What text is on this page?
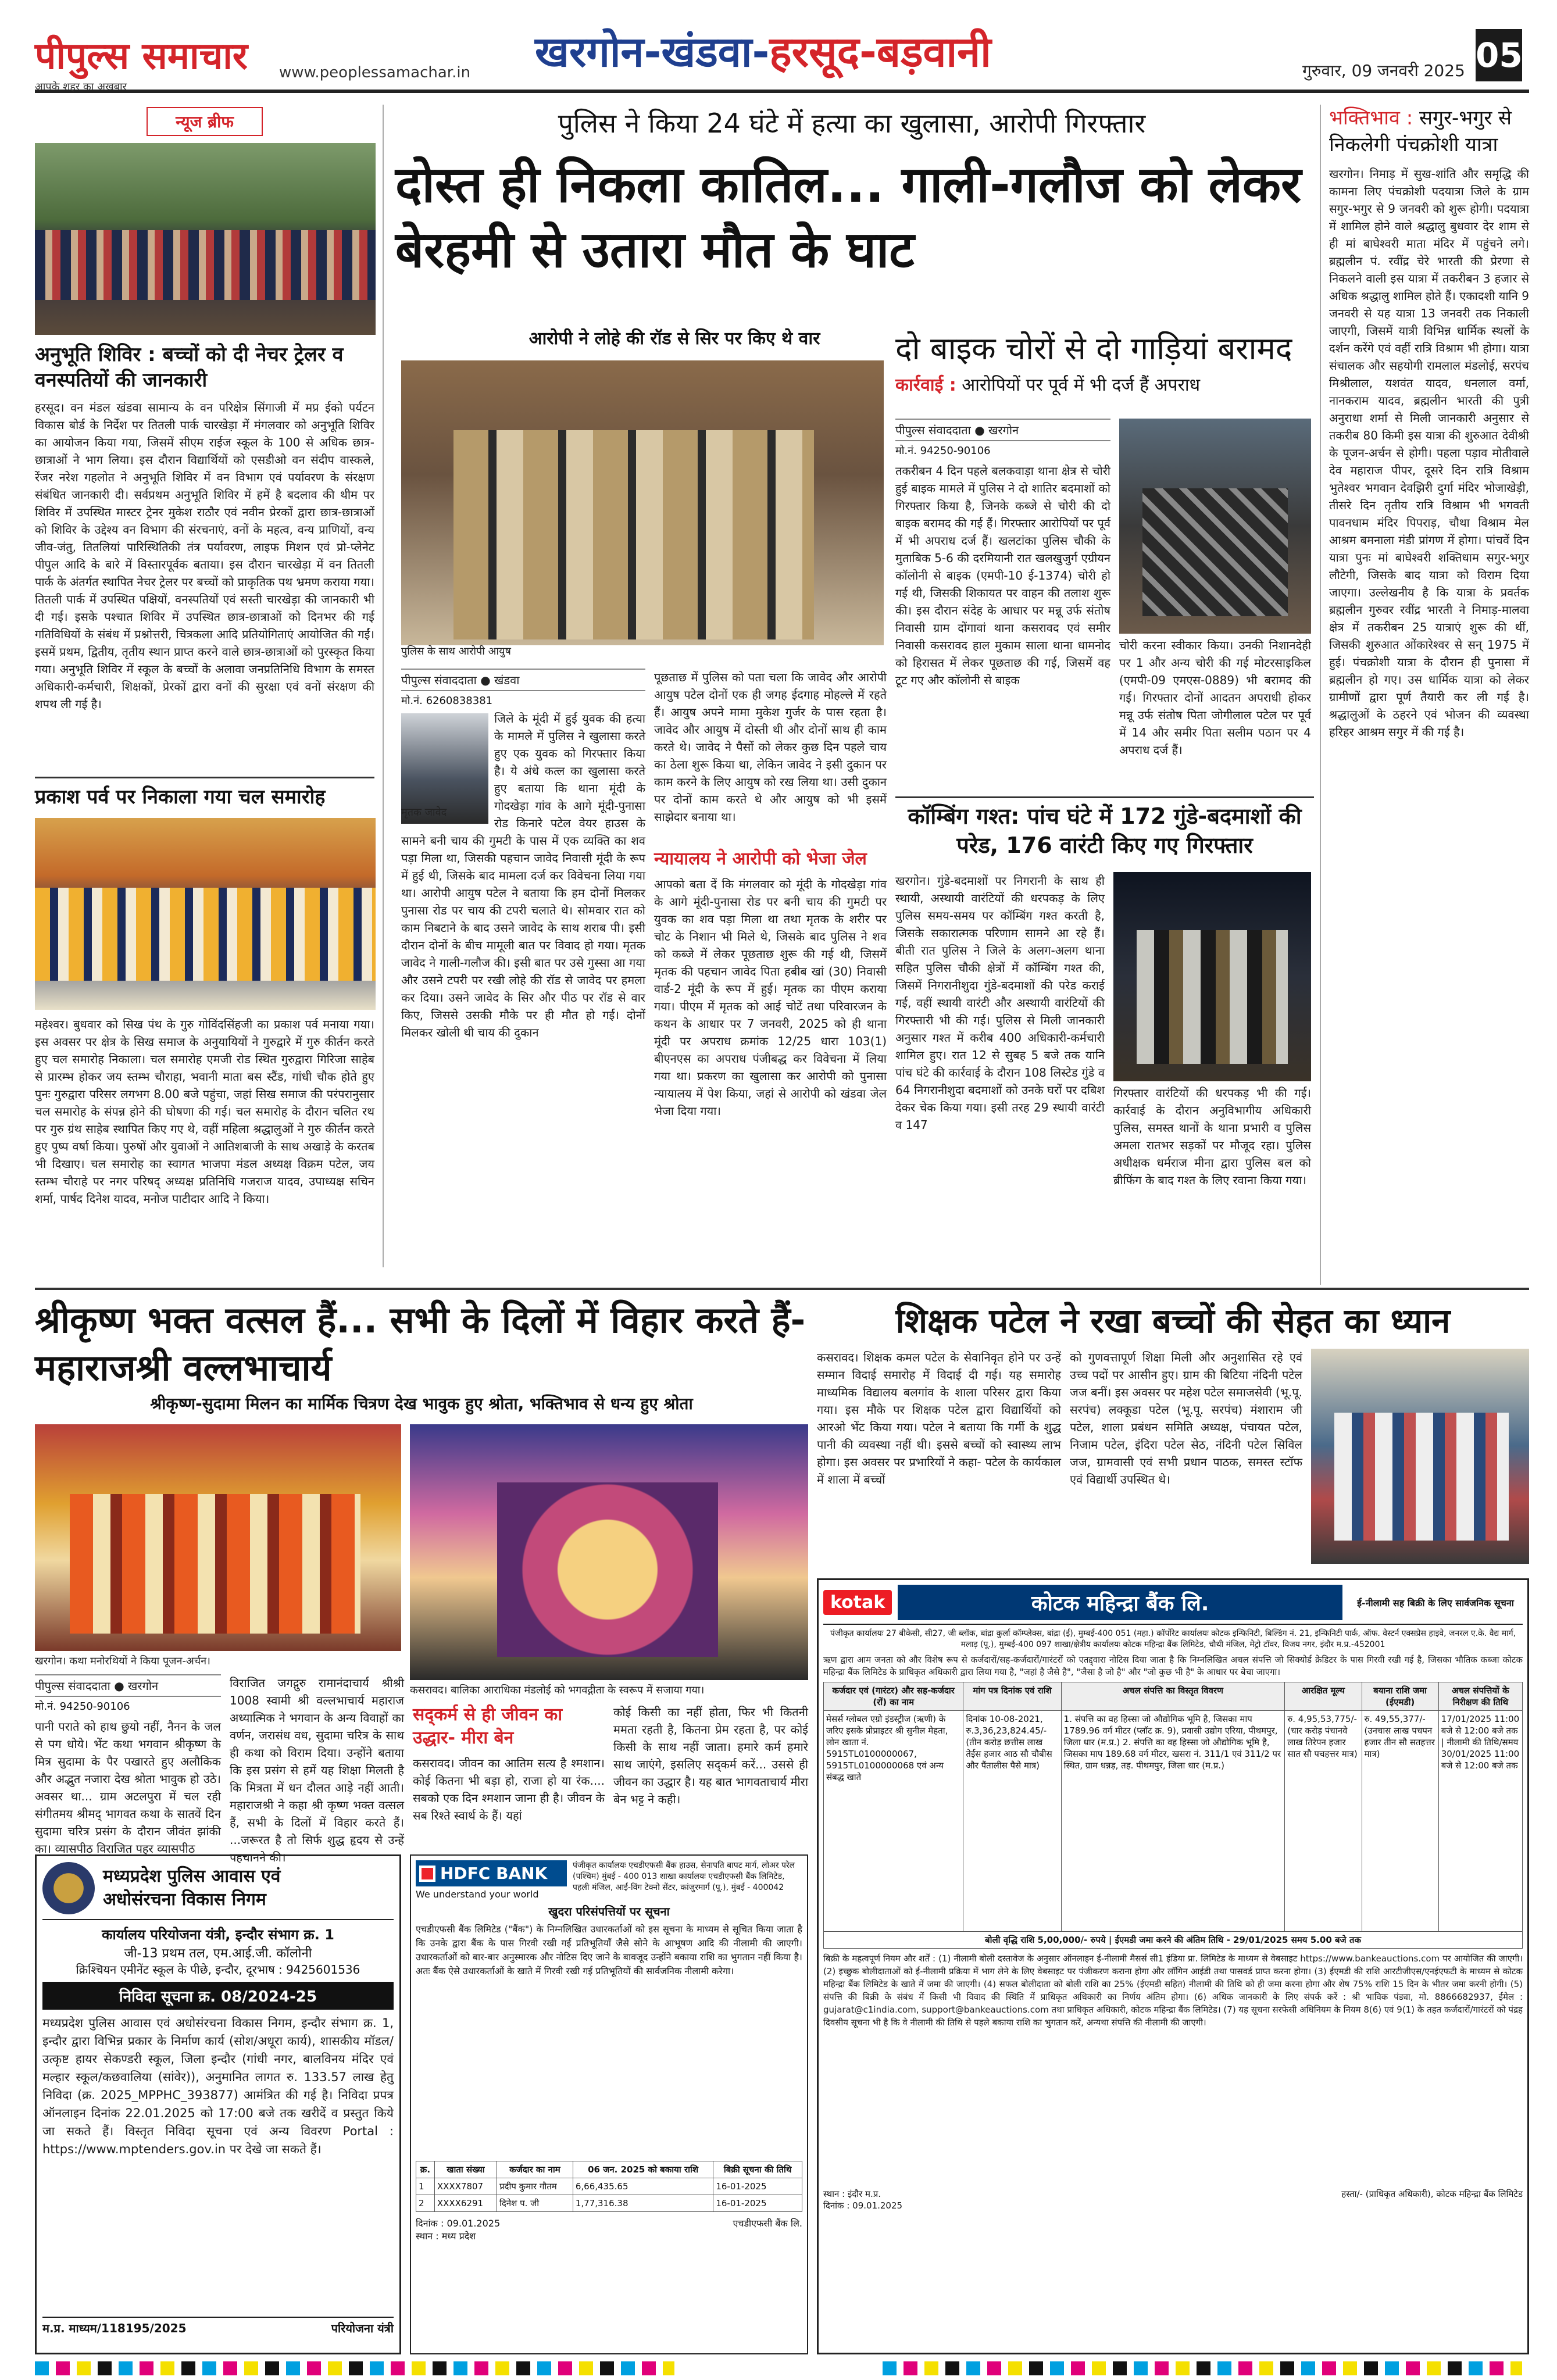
पीपुल्स समाचार
आपके शहर का अखबार
www.peoplessamachar.in खरगोन-खंडवा-हरसूद-बड़वानी	गुरुवार, 09 जनवरी 2025 05
न्यूज ब्रीफ
अनुभूति शिविर : बच्चों को दी नेचर ट्रेलर व वनस्पतियों की जानकारी
हरसूद। वन मंडल खंडवा सामान्य के वन परिक्षेत्र सिंगाजी में मप्र ईको पर्यटन विकास बोर्ड के निर्देश पर तितली पार्क चारखेड़ा में मंगलवार को अनुभूति शिविर का आयोजन किया गया, जिसमें सीएम राईज स्कूल के 100 से अधिक छात्र-छात्राओं ने भाग लिया। इस दौरान विद्यार्थियों को एसडीओ वन संदीप वास्कले, रेंजर नरेश गहलोत ने अनुभूति शिविर में वन विभाग एवं पर्यावरण के संरक्षण संबंधित जानकारी दी। सर्वप्रथम अनुभूति शिविर में हमें है बदलाव की थीम पर शिविर में उपस्थित मास्टर ट्रेनर मुकेश राठौर एवं नवीन प्रेरकों द्वारा छात्र-छात्राओं को शिविर के उद्देश्य वन विभाग की संरचनाएं, वनों के महत्व, वन्य प्राणियों, वन्य जीव-जंतु, तितलियां पारिस्थितिकी तंत्र पर्यावरण, लाइफ मिशन एवं प्रो-प्लेनेट पीपुल आदि के बारे में विस्तारपूर्वक बताया। इस दौरान चारखेड़ा में वन तितली पार्क के अंतर्गत स्थापित नेचर ट्रेलर पर बच्चों को प्राकृतिक पथ भ्रमण कराया गया। तितली पार्क में उपस्थित पक्षियों, वनस्पतियों एवं सस्ती चारखेड़ा की जानकारी भी दी गई। इसके पश्चात शिविर में उपस्थित छात्र-छात्राओं को दिनभर की गई गतिविधियों के संबंध में प्रश्नोत्तरी, चित्रकला आदि प्रतियोगिताएं आयोजित की गईं। इसमें प्रथम, द्वितीय, तृतीय स्थान प्राप्त करने वाले छात्र-छात्राओं को पुरस्कृत किया गया। अनुभूति शिविर में स्कूल के बच्चों के अलावा जनप्रतिनिधि विभाग के समस्त अधिकारी-कर्मचारी, शिक्षकों, प्रेरकों द्वारा वनों की सुरक्षा एवं वनों संरक्षण की शपथ ली गई है।
प्रकाश पर्व पर निकाला गया चल समारोह
महेश्वर। बुधवार को सिख पंथ के गुरु गोविंदसिंहजी का प्रकाश पर्व मनाया गया। इस अवसर पर क्षेत्र के सिख समाज के अनुयायियों ने गुरुद्वारे में गुरु कीर्तन करते हुए चल समारोह निकाला। चल समारोह एमजी रोड स्थित गुरुद्वारा गिरिजा साहेब से प्रारम्भ होकर जय स्तम्भ चौराहा, भवानी माता बस स्टैंड, गांधी चौक होते हुए पुनः गुरुद्वारा परिसर लगभग 8.00 बजे पहुंचा, जहां सिख समाज की परंपरानुसार चल समारोह के संपन्न होने की घोषणा की गई। चल समारोह के दौरान चलित रथ पर गुरु ग्रंथ साहेब स्थापित किए गए थे, वहीं महिला श्रद्धालुओं ने गुरु कीर्तन करते हुए पुष्प वर्षा किया। पुरुषों और युवाओं ने आतिशबाजी के साथ अखाड़े के करतब भी दिखाए। चल समारोह का स्वागत भाजपा मंडल अध्यक्ष विक्रम पटेल, जय स्तम्भ चौराहे पर नगर परिषद् अध्यक्ष प्रतिनिधि गजराज यादव, उपाध्यक्ष सचिन शर्मा, पार्षद दिनेश यादव, मनोज पाटीदार आदि ने किया।
पुलिस ने किया 24 घंटे में हत्या का खुलासा, आरोपी गिरफ्तार
दोस्त ही निकला कातिल... गाली-गलौज को लेकर बेरहमी से उतारा मौत के घाट
आरोपी ने लोहे की रॉड से सिर पर किए थे वार
पुलिस के साथ आरोपी आयुष
पीपुल्स संवाददाता ● खंडवा
मो.नं. 6260838381
जिले के मूंदी में हुई युवक की हत्या के मामले में पुलिस ने खुलासा करते हुए एक युवक को गिरफ्तार किया है। ये अंधे कत्ल का खुलासा करते हुए बताया कि थाना मूंदी के गोदखेड़ा गांव के आगे मूंदी-पुनासा रोड किनारे पटेल वेयर हाउस के सामने बनी चाय की गुमटी के पास में एक व्यक्ति का शव पड़ा मिला था, जिसकी पहचान जावेद निवासी मूंदी के रूप में हुई थी, जिसके बाद मामला दर्ज कर विवेचना लिया गया था। आरोपी आयुष पटेल ने बताया कि हम दोनों मिलकर पुनासा रोड पर चाय की टपरी चलाते थे। सोमवार रात को काम निबटाने के बाद उसने जावेद के साथ शराब पी। इसी दौरान दोनों के बीच मामूली बात पर विवाद हो गया। मृतक जावेद ने गाली-गलौज की। इसी बात पर उसे गुस्सा आ गया और उसने टपरी पर रखी लोहे की रॉड से जावेद पर हमला कर दिया। उसने जावेद के सिर और पीठ पर रॉड से वार किए, जिससे उसकी मौके पर ही मौत हो गई। दोनों मिलकर खोली थी चाय की दुकान
मृतक जावेद
पूछताछ में पुलिस को पता चला कि जावेद और आरोपी आयुष पटेल दोनों एक ही जगह ईदगाह मोहल्ले में रहते हैं। आयुष अपने मामा मुकेश गुर्जर के पास रहता है। जावेद और आयुष में दोस्ती थी और दोनों साथ ही काम करते थे। जावेद ने पैसों को लेकर कुछ दिन पहले चाय का ठेला शुरू किया था, लेकिन जावेद ने इसी दुकान पर काम करने के लिए आयुष को रख लिया था। उसी दुकान पर दोनों काम करते थे और आयुष को भी इसमें साझेदार बनाया था।
न्यायालय ने आरोपी को भेजा जेल
आपको बता दें कि मंगलवार को मूंदी के गोदखेड़ा गांव के आगे मूंदी-पुनासा रोड पर बनी चाय की गुमटी पर युवक का शव पड़ा मिला था तथा मृतक के शरीर पर चोट के निशान भी मिले थे, जिसके बाद पुलिस ने शव को कब्जे में लेकर पूछताछ शुरू की गई थी, जिसमें मृतक की पहचान जावेद पिता हबीब खां (30) निवासी वार्ड-2 मूंदी के रूप में हुई। मृतक का पीएम कराया गया। पीएम में मृतक को आई चोटें तथा परिवारजन के कथन के आधार पर 7 जनवरी, 2025 को ही थाना मूंदी पर अपराध क्रमांक 12/25 धारा 103(1) बीएनएस का अपराध पंजीबद्ध कर विवेचना में लिया गया था। प्रकरण का खुलासा कर आरोपी को पुनासा न्यायालय में पेश किया, जहां से आरोपी को खंडवा जेल भेजा दिया गया।
दो बाइक चोरों से दो गाड़ियां बरामद
कार्रवाई : आरोपियों पर पूर्व में भी दर्ज हैं अपराध
पीपुल्स संवाददाता ● खरगोन
मो.नं. 94250-90106
तकरीबन 4 दिन पहले बलकवाड़ा थाना क्षेत्र से चोरी हुई बाइक मामले में पुलिस ने दो शातिर बदमाशों को गिरफ्तार किया है, जिनके कब्जे से चोरी की दो बाइक बरामद की गई हैं। गिरफ्तार आरोपियों पर पूर्व में भी अपराध दर्ज हैं। खलटांका पुलिस चौकी के मुताबिक 5-6 की दरमियानी रात खलखुजुर्ग एग्रीयन कॉलोनी से बाइक (एमपी-10 ई-1374) चोरी हो गई थी, जिसकी शिकायत पर वाहन की तलाश शुरू की। इस दौरान संदेह के आधार पर मन्नू उर्फ संतोष निवासी ग्राम दोंगावां थाना कसरावद एवं समीर निवासी कसरावद हाल मुकाम साला थाना धामनोद को हिरासत में लेकर पूछताछ की गई, जिसमें वह टूट गए और कॉलोनी से बाइक
चोरी करना स्वीकार किया। उनकी निशानदेही पर 1 और अन्य चोरी की गई मोटरसाइकिल (एमपी-09 एमएस-0889) भी बरामद की गई। गिरफ्तार दोनों आदतन अपराधी होकर मन्नू उर्फ संतोष पिता जोगीलाल पटेल पर पूर्व में 14 और समीर पिता सलीम पठान पर 4 अपराध दर्ज हैं।
कॉम्बिंग गश्त: पांच घंटे में 172 गुंडे-बदमाशों की परेड, 176 वारंटी किए गए गिरफ्तार
खरगोन। गुंडे-बदमाशों पर निगरानी के साथ ही स्थायी, अस्थायी वारंटियों की धरपकड़ के लिए पुलिस समय-समय पर कॉम्बिंग गश्त करती है, जिसके सकारात्मक परिणाम सामने आ रहे हैं। बीती रात पुलिस ने जिले के अलग-अलग थाना सहित पुलिस चौकी क्षेत्रों में कॉम्बिंग गश्त की, जिसमें निगरानीशुदा गुंडे-बदमाशों की परेड कराई गई, वहीं स्थायी वारंटी और अस्थायी वारंटियों की गिरफ्तारी भी की गई। पुलिस से मिली जानकारी अनुसार गश्त में करीब 400 अधिकारी-कर्मचारी शामिल हुए। रात 12 से सुबह 5 बजे तक यानि पांच घंटे की कार्रवाई के दौरान 108 लिस्टेड गुंडे व 64 निगरानीशुदा बदमाशों को उनके घरों पर दबिश देकर चेक किया गया। इसी तरह 29 स्थायी वारंटी व 147
गिरफ्तार वारंटियों की धरपकड़ भी की गई। कार्रवाई के दौरान अनुविभागीय अधिकारी पुलिस, समस्त थानों के थाना प्रभारी व पुलिस अमला रातभर सड़कों पर मौजूद रहा। पुलिस अधीक्षक धर्मराज मीना द्वारा पुलिस बल को ब्रीफिंग के बाद गश्त के लिए रवाना किया गया।
भक्तिभाव : सगुर-भगुर से निकलेगी पंचक्रोशी यात्रा
खरगोन। निमाड़ में सुख-शांति और समृद्धि की कामना लिए पंचक्रोशी पदयात्रा जिले के ग्राम सगुर-भगुर से 9 जनवरी को शुरू होगी। पदयात्रा में शामिल होने वाले श्रद्धालु बुधवार देर शाम से ही मां बाघेश्वरी माता मंदिर में पहुंचने लगे। ब्रह्मलीन पं. रवींद्र चेरे भारती की प्रेरणा से निकलने वाली इस यात्रा में तकरीबन 3 हजार से अधिक श्रद्धालु शामिल होते हैं। एकादशी यानि 9 जनवरी से यह यात्रा 13 जनवरी तक निकाली जाएगी, जिसमें यात्री विभिन्न धार्मिक स्थलों के दर्शन करेंगे एवं वहीं रात्रि विश्राम भी होगा। यात्रा संचालक और सहयोगी रामलाल मंडलोई, सरपंच मिश्रीलाल, यशवंत यादव, धनलाल वर्मा, नानकराम यादव, ब्रह्मलीन भारती की पुत्री अनुराधा शर्मा से मिली जानकारी अनुसार से तकरीब 80 किमी इस यात्रा की शुरुआत देवीश्री के पूजन-अर्चन से होगी। पहला पड़ाव मोतीवाले देव महाराज पीपर, दूसरे दिन रात्रि विश्राम भुतेश्वर भगवान देवझिरी दुर्गा मंदिर भोजाखेड़ी, तीसरे दिन तृतीय रात्रि विश्राम भी भगवती पावनधाम मंदिर पिपराड़, चौथा विश्राम मेल आश्रम बमनाला मंडी प्रांगण में होगा। पांचवें दिन यात्रा पुनः मां बाघेश्वरी शक्तिधाम सगुर-भगुर लौटेगी, जिसके बाद यात्रा को विराम दिया जाएगा। उल्लेखनीय है कि यात्रा के प्रवर्तक ब्रह्मलीन गुरुवर रवींद्र भारती ने निमाड़-मालवा क्षेत्र में तकरीबन 25 यात्राएं शुरू की थीं, जिसकी शुरुआत ओंकारेश्वर से सन् 1975 में हुई। पंचक्रोशी यात्रा के दौरान ही पुनासा में ब्रह्मलीन हो गए। उस धार्मिक यात्रा को लेकर ग्रामीणों द्वारा पूर्ण तैयारी कर ली गई है। श्रद्धालुओं के ठहरने एवं भोजन की व्यवस्था हरिहर आश्रम सगुर में की गई है।
श्रीकृष्ण भक्त वत्सल हैं... सभी के दिलों में विहार करते हैं- महाराजश्री वल्लभाचार्य
श्रीकृष्ण-सुदामा मिलन का मार्मिक चित्रण देख भावुक हुए श्रोता, भक्तिभाव से धन्य हुए श्रोता
खरगोन। कथा मनोरथियों ने किया पूजन-अर्चन।
कसरावद। बालिका आराधिका मंडलोई को भगवद्गीता के स्वरूप में सजाया गया।
पीपुल्स संवाददाता ● खरगोन
मो.नं. 94250-90106
पानी पराते को हाथ छुयो नहीं, नैनन के जल से पग धोये। भेंट कथा भगवान श्रीकृष्ण के मित्र सुदामा के पैर पखारते हुए अलौकिक और अद्भुत नजारा देख श्रोता भावुक हो उठे। अवसर था... ग्राम अटलपुरा में चल रही संगीतमय श्रीमद् भागवत कथा के सातवें दिन सुदामा चरित्र प्रसंग के दौरान जीवंत झांकी का। व्यासपीठ विराजित पहर व्यासपीठ
विराजित जगद्गुरु रामानंदाचार्य श्रीश्री 1008 स्वामी श्री वल्लभाचार्य महाराज अध्यात्मिक ने भगवान के अन्य विवाहों का वर्णन, जरासंध वध, सुदामा चरित्र के साथ ही कथा को विराम दिया। उन्होंने बताया कि इस प्रसंग से हमें यह शिक्षा मिलती है कि मित्रता में धन दौलत आड़े नहीं आती। महाराजश्री ने कहा श्री कृष्ण भक्त वत्सल हैं, सभी के दिलों में विहार करते हैं। ...जरूरत है तो सिर्फ शुद्ध हृदय से उन्हें पहचानने की।
सद्‌कर्म से ही जीवन का उद्धार- मीरा बेन
कसरावद। जीवन का आतिम सत्य है श्मशान। कोई कितना भी बड़ा हो, राजा हो या रंक.... सबको एक दिन श्मशान जाना ही है। जीवन के सब रिश्ते स्वार्थ के हैं। यहां
कोई किसी का नहीं होता, फिर भी कितनी ममता रहती है, कितना प्रेम रहता है, पर कोई किसी के साथ नहीं जाता। हमारे कर्म हमारे साथ जाएंगे, इसलिए सद्‌कर्म करें... उससे ही जीवन का उद्धार है। यह बात भागवताचार्य मीरा बेन भट्ट ने कही।
मध्यप्रदेश पुलिस आवास एवं
अधोसंरचना विकास निगम
कार्यालय परियोजना यंत्री, इन्दौर संभाग क्र. 1
जी-13 प्रथम तल, एम.आई.जी. कॉलोनी
क्रिश्चियन एमीनेंट स्कूल के पीछे, इन्दौर, दूरभाष : 9425601536
निविदा सूचना क्र. 08/2024-25
मध्यप्रदेश पुलिस आवास एवं अधोसंरचना विकास निगम, इन्दौर संभाग क्र. 1, इन्दौर द्वारा विभिन्न प्रकार के निर्माण कार्य (सोश/अधूरा कार्य), शासकीय मॉडल/उत्कृष्ट हायर सेकण्डरी स्कूल, जिला इन्दौर (गांधी नगर, बालविनय मंदिर एवं मल्हार स्कूल/कछवालिया (सांवेर)), अनुमानित लागत रु. 133.57 लाख हेतु निविदा (क्र. 2025_MPPHC_393877) आमंत्रित की गई है। निविदा प्रपत्र ऑनलाइन दिनांक 22.01.2025 को 17:00 बजे तक खरीदें व प्रस्तुत किये जा सकते हैं। विस्तृत निविदा सूचना एवं अन्य विवरण Portal : https://www.mptenders.gov.in पर देखे जा सकते हैं।
म.प्र. माध्यम/118195/2025	परियोजना यंत्री
HDFC BANK
We understand your world
पंजीकृत कार्यालयः एचडीएफसी बैंक हाउस, सेनापति बापट मार्ग, लोअर परेल (पश्चिम) मुंबई - 400 013 शाखा कार्यालयः एचडीएफसी बैंक लिमिटेड, पहली मंजिल, आई-विंग टेक्नो सेंटर, कांजुरमार्ग (पू.), मुंबई - 400042
खुदरा परिसंपत्तियों पर सूचना
एचडीएफसी बैंक लिमिटेड ("बैंक") के निम्नलिखित उधारकर्ताओं को इस सूचना के माध्यम से सूचित किया जाता है कि उनके द्वारा बैंक के पास गिरवी रखी गई प्रतिभूतियाँ जैसे सोने के आभूषण आदि की नीलामी की जाएगी। उधारकर्ताओं को बार-बार अनुस्मारक और नोटिस दिए जाने के बावजूद उन्होंने बकाया राशि का भुगतान नहीं किया है। अतः बैंक ऐसे उधारकर्ताओं के खाते में गिरवी रखी गई प्रतिभूतियों की सार्वजनिक नीलामी करेगा।
क्र.	खाता संख्या	कर्जदार का नाम	06 जन. 2025 को बकाया राशि	बिक्री सूचना की तिथि
1	XXXX7807	प्रदीप कुमार गौतम	6,66,435.65	16-01-2025
2	XXXX6291	दिनेश प. जी	1,77,316.38	16-01-2025
दिनांक : 09.01.2025
स्थान : मध्य प्रदेश
एचडीएफसी बैंक लि.
शिक्षक पटेल ने रखा बच्चों की सेहत का ध्यान
कसरावद। शिक्षक कमल पटेल के सेवानिवृत होने पर उन्हें सम्मान विदाई समारोह में विदाई दी गई। यह समारोह माध्यमिक विद्यालय बलगांव के शाला परिसर द्वारा किया गया। इस मौके पर शिक्षक पटेल द्वारा विद्यार्थियों को आरओ भेंट किया गया। पटेल ने बताया कि गर्मी के शुद्ध पानी की व्यवस्था नहीं थी। इससे बच्चों को स्वास्थ्य लाभ होगा। इस अवसर पर प्रभारियों ने कहा- पटेल के कार्यकाल में शाला में बच्चों
को गुणवत्तापूर्ण शिक्षा मिली और अनुशासित रहे एवं उच्च पदों पर आसीन हुए। ग्राम की बिटिया नंदिनी पटेल जज बनीं। इस अवसर पर महेश पटेल समाजसेवी (भू.पू. सरपंच) लक्कूडा पटेल (भू.पू. सरपंच) मंशाराम जी पटेल, शाला प्रबंधन समिति अध्यक्ष, पंचायत पटेल, निजाम पटेल, इंदिरा पटेल सेठ, नंदिनी पटेल सिविल जज, ग्रामवासी एवं सभी प्रधान पाठक, समस्त स्टॉफ एवं विद्यार्थी उपस्थित थे।
kotak	कोटक महिन्द्रा बैंक लि.	ई-नीलामी सह बिक्री के लिए सार्वजनिक सूचना
पंजीकृत कार्यालयः 27 बीकेसी, सी27, जी ब्लॉक, बांद्रा कुर्ला कॉम्प्लेक्स, बांद्रा (ई), मुम्बई-400 051 (महा.) कॉर्पोरेट कार्यालयः कोटक इन्फिनिटी, बिल्डिंग नं. 21, इन्फिनिटी पार्क, ऑफ. वेस्टर्न एक्सप्रेस हाइवे, जनरल ए.के. वैद्य मार्ग, मलाड़ (पू.), मुम्बई-400 097 शाखा/क्षेत्रीय कार्यालयः कोटक महिन्द्रा बैंक लिमिटेड, चौथी मंजिल, मेट्रो टॉवर, विजय नगर, इंदौर म.प्र.-452001
ऋण द्वारा आम जनता को और विशेष रूप से कर्जदारों/सह-कर्जदारों/गारंटरों को एतद्द्वारा नोटिस दिया जाता है कि निम्नलिखित अचल संपत्ति जो सिक्योर्ड क्रेडिटर के पास गिरवी रखी गई है, जिसका भौतिक कब्जा कोटक महिन्द्रा बैंक लिमिटेड के प्राधिकृत अधिकारी द्वारा लिया गया है, "जहां है जैसे है", "जैसा है जो है" और "जो कुछ भी है" के आधार पर बेचा जाएगा।
कर्जदार एवं (गारंटर) और सह-कर्जदार (रों) का नाम	मांग पत्र दिनांक एवं राशि	अचल संपत्ति का विस्तृत विवरण	आरक्षित मूल्य	बयाना राशि जमा (ईएमडी)	अचल संपत्तियों के निरीक्षण की तिथि
मेसर्स ग्लोबल एग्रो इंडस्ट्रीज (ऋणी) के जरिए इसके प्रोप्राइटर श्री सुनील मेहता, लोन खाता नं. 5915TL0100000067, 5915TL0100000068 एवं अन्य संबद्ध खाते	दिनांक 10-08-2021, रु.3,36,23,824.45/- (तीन करोड़ छत्तीस लाख तेईस हजार आठ सौ चौबीस और पैंतालीस पैसे मात्र)	1. संपत्ति का वह हिस्सा जो औद्योगिक भूमि है, जिसका माप 1789.96 वर्ग मीटर (प्लॉट क्र. 9), प्रवासी उद्योग एरिया, पीथमपुर, जिला धार (म.प्र.) 2. संपत्ति का वह हिस्सा जो औद्योगिक भूमि है, जिसका माप 189.68 वर्ग मीटर, खसरा नं. 311/1 एवं 311/2 पर स्थित, ग्राम धन्नड़, तह. पीथमपुर, जिला धार (म.प्र.)	रु. 4,95,53,775/- (चार करोड़ पंचानवे लाख तिरेपन हजार सात सौ पचहत्तर मात्र)	रु. 49,55,377/- (उनचास लाख पचपन हजार तीन सौ सतहत्तर मात्र)	17/01/2025 11:00 बजे से 12:00 बजे तक | नीलामी की तिथि/समय 30/01/2025 11:00 बजे से 12:00 बजे तक
बोली वृद्धि राशि 5,00,000/- रुपये | ईएमडी जमा करने की अंतिम तिथि - 29/01/2025 समय 5.00 बजे तक
बिक्री के महत्वपूर्ण नियम और शर्तें : (1) नीलामी बोली दस्तावेज के अनुसार ऑनलाइन ई-नीलामी मैसर्स सी1 इंडिया प्रा. लिमिटेड के माध्यम से वेबसाइट https://www.bankeauctions.com पर आयोजित की जाएगी। (2) इच्छुक बोलीदाताओं को ई-नीलामी प्रक्रिया में भाग लेने के लिए वेबसाइट पर पंजीकरण कराना होगा और लॉगिन आईडी तथा पासवर्ड प्राप्त करना होगा। (3) ईएमडी की राशि आरटीजीएस/एनईएफटी के माध्यम से कोटक महिन्द्रा बैंक लिमिटेड के खाते में जमा की जाएगी। (4) सफल बोलीदाता को बोली राशि का 25% (ईएमडी सहित) नीलामी की तिथि को ही जमा करना होगा और शेष 75% राशि 15 दिन के भीतर जमा करनी होगी। (5) संपत्ति की बिक्री के संबंध में किसी भी विवाद की स्थिति में प्राधिकृत अधिकारी का निर्णय अंतिम होगा। (6) अधिक जानकारी के लिए संपर्क करें : श्री भाविक पंड्या, मो. 8866682937, ईमेल : gujarat@c1india.com, support@bankeauctions.com तथा प्राधिकृत अधिकारी, कोटक महिन्द्रा बैंक लिमिटेड। (7) यह सूचना सरफेसी अधिनियम के नियम 8(6) एवं 9(1) के तहत कर्जदारों/गारंटरों को पंद्रह दिवसीय सूचना भी है कि वे नीलामी की तिथि से पहले बकाया राशि का भुगतान करें, अन्यथा संपत्ति की नीलामी की जाएगी।
स्थान : इंदौर म.प्र.
दिनांक : 09.01.2025
हस्ता/- (प्राधिकृत अधिकारी), कोटक महिन्द्रा बैंक लिमिटेड
